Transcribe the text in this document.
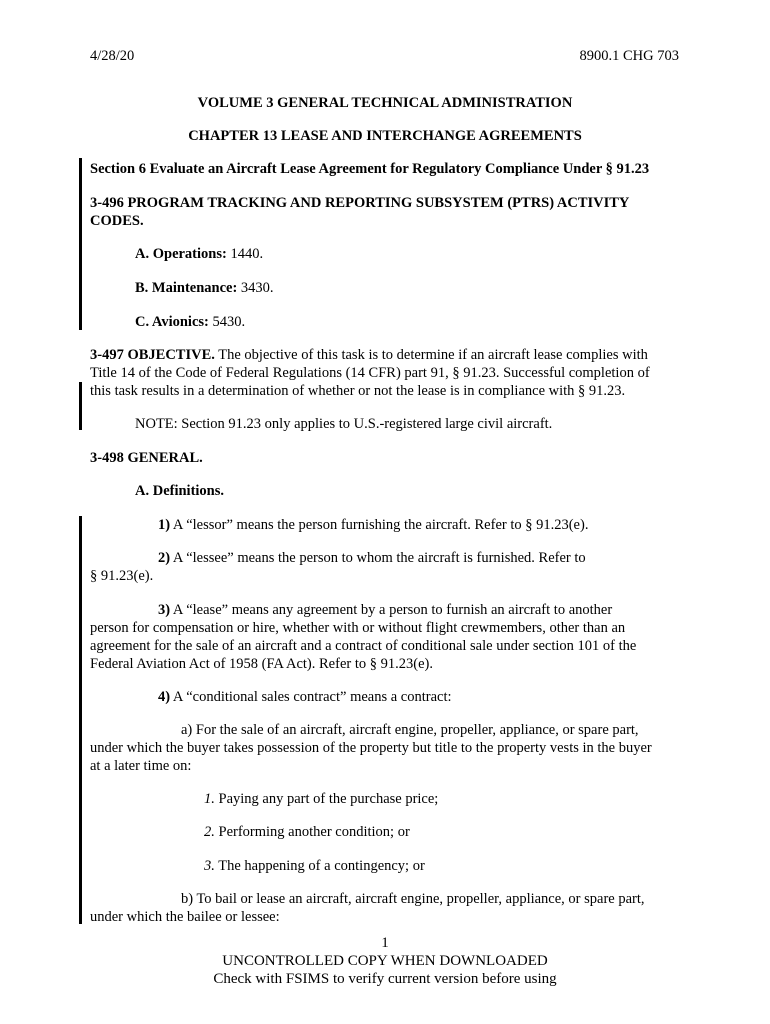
4/28/20	8900.1 CHG 703
VOLUME 3 GENERAL TECHNICAL ADMINISTRATION
CHAPTER 13 LEASE AND INTERCHANGE AGREEMENTS
Section 6 Evaluate an Aircraft Lease Agreement for Regulatory Compliance Under § 91.23
3-496 PROGRAM TRACKING AND REPORTING SUBSYSTEM (PTRS) ACTIVITY
CODES.
A. Operations: 1440.
B. Maintenance: 3430.
C. Avionics: 5430.
3-497 OBJECTIVE. The objective of this task is to determine if an aircraft lease complies with
Title 14 of the Code of Federal Regulations (14 CFR) part 91, § 91.23. Successful completion of
this task results in a determination of whether or not the lease is in compliance with § 91.23.
NOTE: Section 91.23 only applies to U.S.-registered large civil aircraft.
3-498 GENERAL.
A. Definitions.
1) A “lessor” means the person furnishing the aircraft. Refer to § 91.23(e).
2) A “lessee” means the person to whom the aircraft is furnished. Refer to
§ 91.23(e).
3) A “lease” means any agreement by a person to furnish an aircraft to another
person for compensation or hire, whether with or without flight crewmembers, other than an
agreement for the sale of an aircraft and a contract of conditional sale under section 101 of the
Federal Aviation Act of 1958 (FA Act). Refer to § 91.23(e).
4) A “conditional sales contract” means a contract:
a) For the sale of an aircraft, aircraft engine, propeller, appliance, or spare part,
under which the buyer takes possession of the property but title to the property vests in the buyer
at a later time on:
1. Paying any part of the purchase price;
2. Performing another condition; or
3. The happening of a contingency; or
b) To bail or lease an aircraft, aircraft engine, propeller, appliance, or spare part,
under which the bailee or lessee:
1
UNCONTROLLED COPY WHEN DOWNLOADED
Check with FSIMS to verify current version before using
